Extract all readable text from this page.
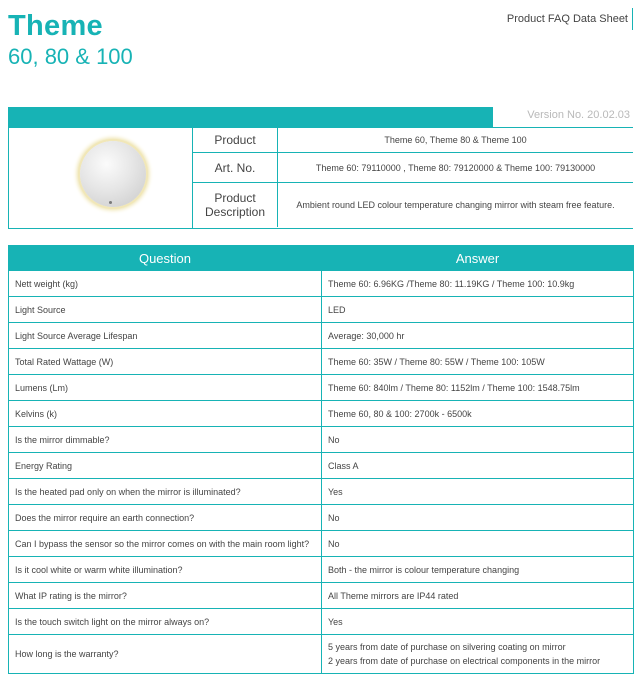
Theme
60, 80 & 100
Product FAQ Data Sheet
Version No. 20.02.03
Product	Theme 60, Theme 80 & Theme 100
Art. No.	Theme 60: 79110000 , Theme 80: 79120000 & Theme 100: 79130000
Product Description	Ambient round LED colour temperature changing mirror with steam free feature.
Question	Answer
Nett weight (kg)	Theme 60: 6.96KG /Theme 80: 11.19KG / Theme 100: 10.9kg
Light Source	LED
Light Source Average Lifespan	Average: 30,000 hr
Total Rated Wattage (W)	Theme 60: 35W / Theme 80: 55W / Theme 100: 105W
Lumens (Lm)	Theme 60: 840lm / Theme 80: 1152lm / Theme 100: 1548.75lm
Kelvins (k)	Theme 60, 80 & 100: 2700k - 6500k
Is the mirror dimmable?	No
Energy Rating	Class A
Is the heated pad only on when the mirror is illuminated?	Yes
Does the mirror require an earth connection?	No
Can I bypass the sensor so the mirror comes on with the main room light?	No
Is it cool white or warm white illumination?	Both - the mirror is colour temperature changing
What IP rating is the mirror?	All Theme mirrors are IP44 rated
Is the touch switch light on the mirror always on?	Yes
How long is the warranty?	5 years from date of purchase on silvering coating on mirror
2 years from date of purchase on electrical components in the mirror
